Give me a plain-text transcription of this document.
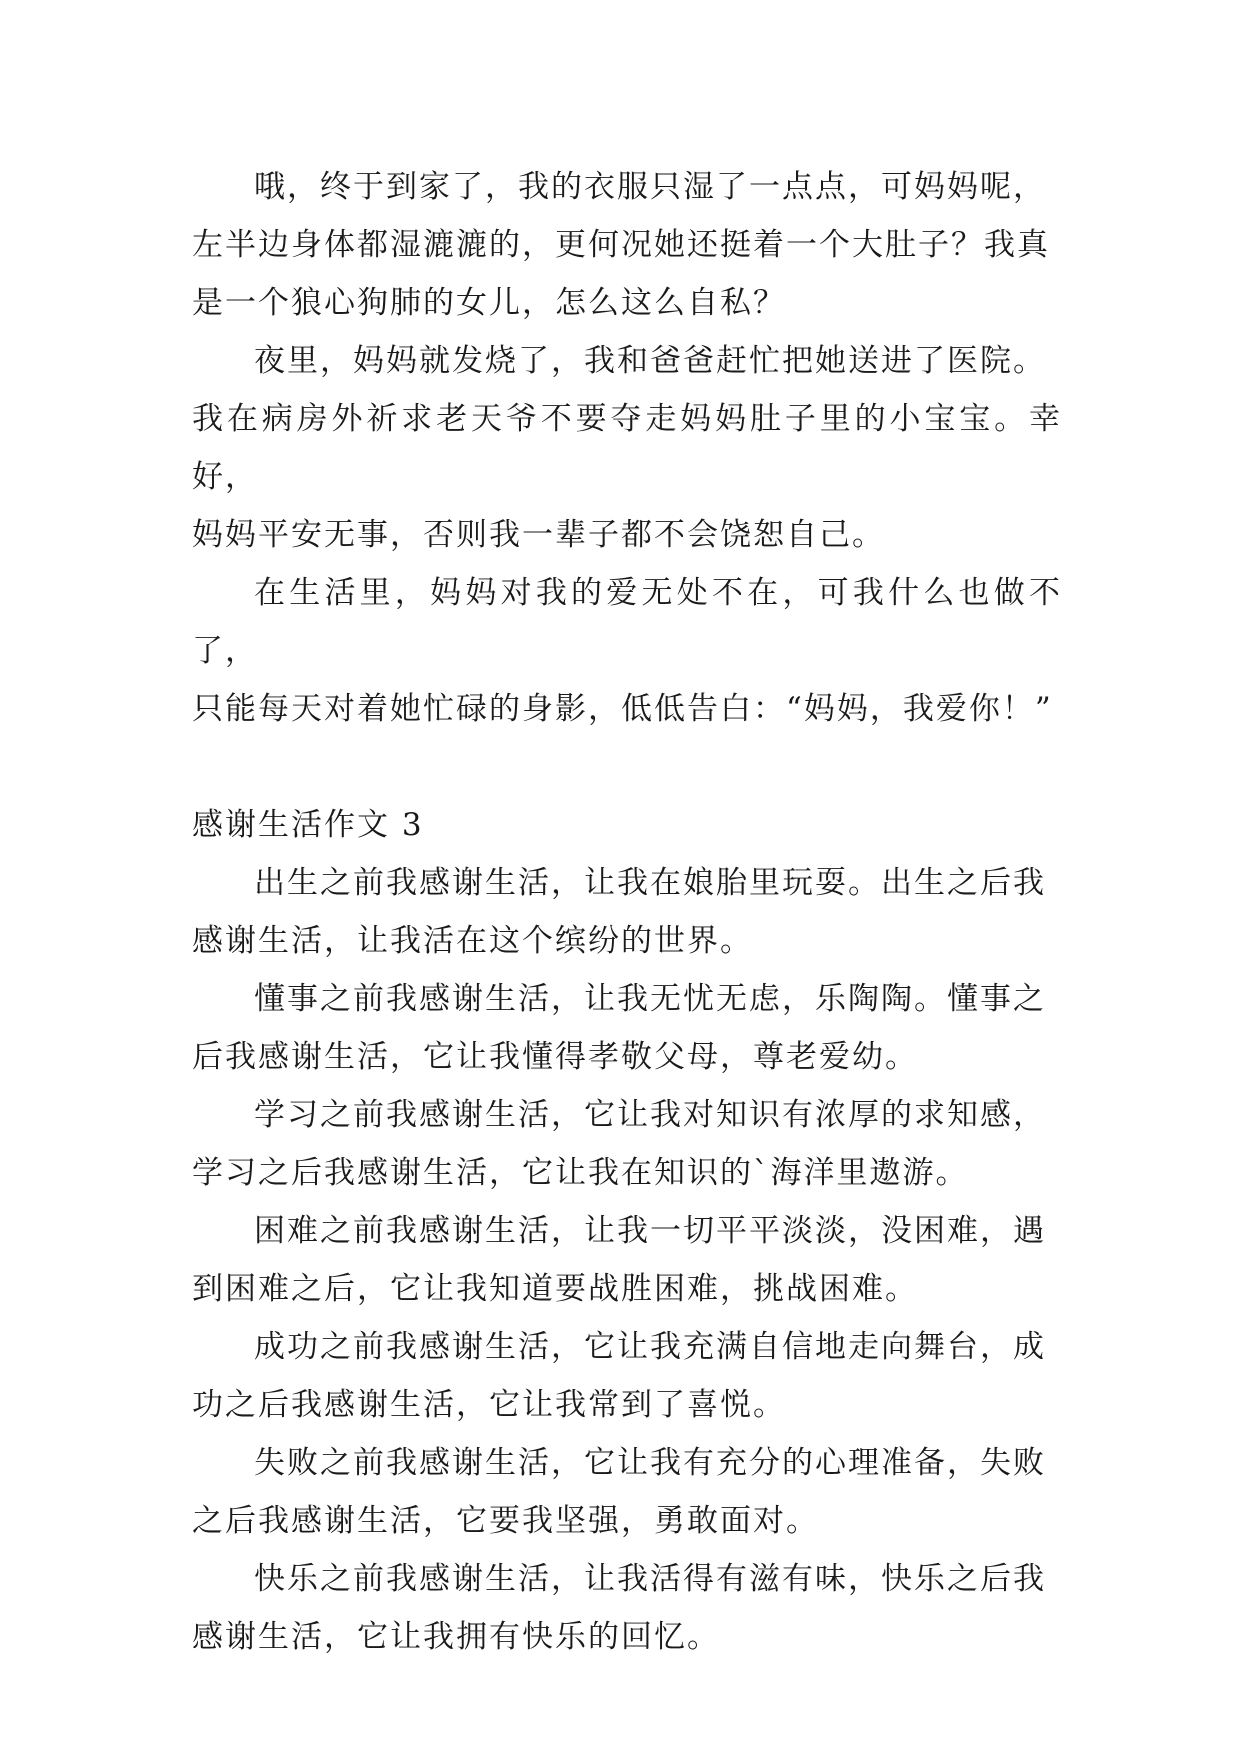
哦，终于到家了，我的衣服只湿了一点点，可妈妈呢，
左半边身体都湿漉漉的，更何况她还挺着一个大肚子？我真
是一个狼心狗肺的女儿，怎么这么自私？

夜里，妈妈就发烧了，我和爸爸赶忙把她送进了医院。
我在病房外祈求老天爷不要夺走妈妈肚子里的小宝宝。幸好，
妈妈平安无事，否则我一辈子都不会饶恕自己。

在生活里，妈妈对我的爱无处不在，可我什么也做不了，
只能每天对着她忙碌的身影，低低告白：“妈妈，我爱你！”

感谢生活作文 3

出生之前我感谢生活，让我在娘胎里玩耍。出生之后我
感谢生活，让我活在这个缤纷的世界。

懂事之前我感谢生活，让我无忧无虑，乐陶陶。懂事之
后我感谢生活，它让我懂得孝敬父母，尊老爱幼。

学习之前我感谢生活，它让我对知识有浓厚的求知感，
学习之后我感谢生活，它让我在知识的`海洋里遨游。

困难之前我感谢生活，让我一切平平淡淡，没困难，遇
到困难之后，它让我知道要战胜困难，挑战困难。

成功之前我感谢生活，它让我充满自信地走向舞台，成
功之后我感谢生活，它让我常到了喜悦。

失败之前我感谢生活，它让我有充分的心理准备，失败
之后我感谢生活，它要我坚强，勇敢面对。

快乐之前我感谢生活，让我活得有滋有味，快乐之后我
感谢生活，它让我拥有快乐的回忆。
